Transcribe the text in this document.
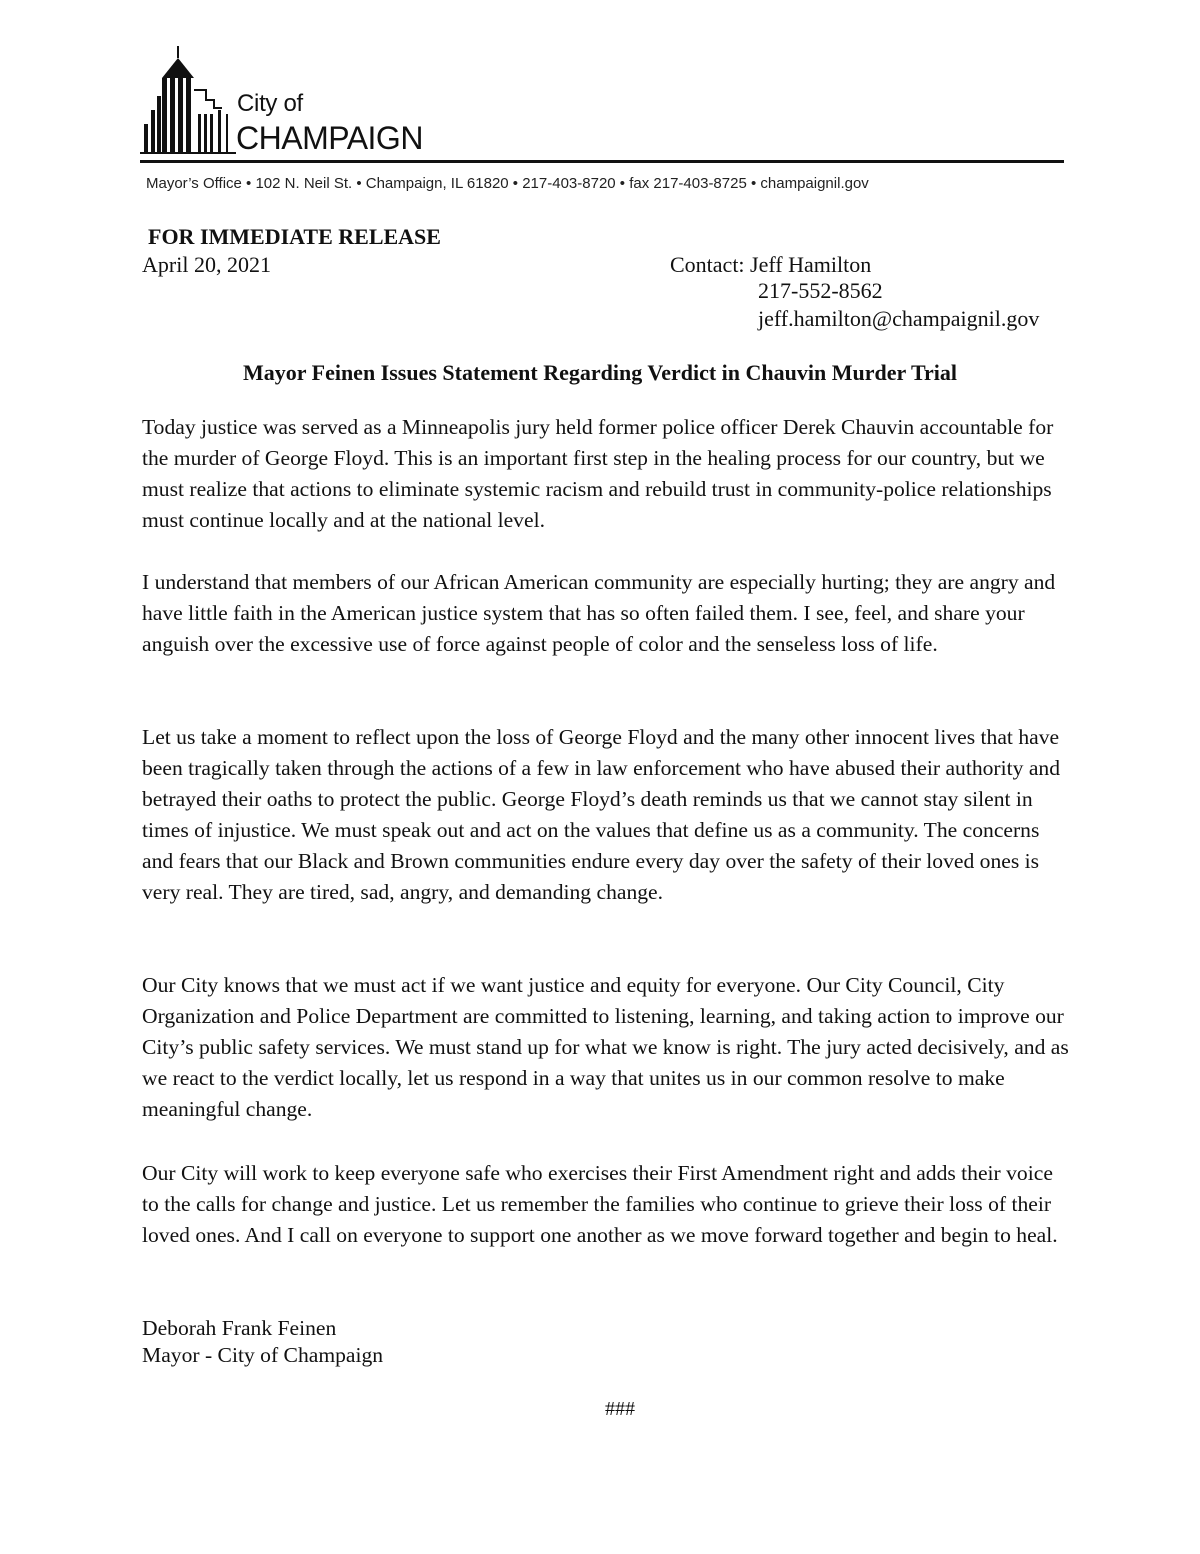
City of
CHAMPAIGN
Mayor’s Office • 102 N. Neil St. • Champaign, IL 61820 • 217-403-8720 • fax 217-403-8725 • champaignil.gov
FOR IMMEDIATE RELEASE
April 20, 2021	Contact: Jeff Hamilton
217-552-8562
jeff.hamilton@champaignil.gov
Mayor Feinen Issues Statement Regarding Verdict in Chauvin Murder Trial

Today justice was served as a Minneapolis jury held former police officer Derek Chauvin accountable for the murder of George Floyd. This is an important first step in the healing process for our country, but we must realize that actions to eliminate systemic racism and rebuild trust in community-police relationships must continue locally and at the national level.

I understand that members of our African American community are especially hurting; they are angry and have little faith in the American justice system that has so often failed them. I see, feel, and share your anguish over the excessive use of force against people of color and the senseless loss of life.

Let us take a moment to reflect upon the loss of George Floyd and the many other innocent lives that have been tragically taken through the actions of a few in law enforcement who have abused their authority and betrayed their oaths to protect the public. George Floyd’s death reminds us that we cannot stay silent in times of injustice. We must speak out and act on the values that define us as a community. The concerns and fears that our Black and Brown communities endure every day over the safety of their loved ones is very real. They are tired, sad, angry, and demanding change.

Our City knows that we must act if we want justice and equity for everyone. Our City Council, City Organization and Police Department are committed to listening, learning, and taking action to improve our City’s public safety services. We must stand up for what we know is right. The jury acted decisively, and as we react to the verdict locally, let us respond in a way that unites us in our common resolve to make meaningful change.

Our City will work to keep everyone safe who exercises their First Amendment right and adds their voice to the calls for change and justice. Let us remember the families who continue to grieve their loss of their loved ones. And I call on everyone to support one another as we move forward together and begin to heal.

Deborah Frank Feinen
Mayor - City of Champaign
###
